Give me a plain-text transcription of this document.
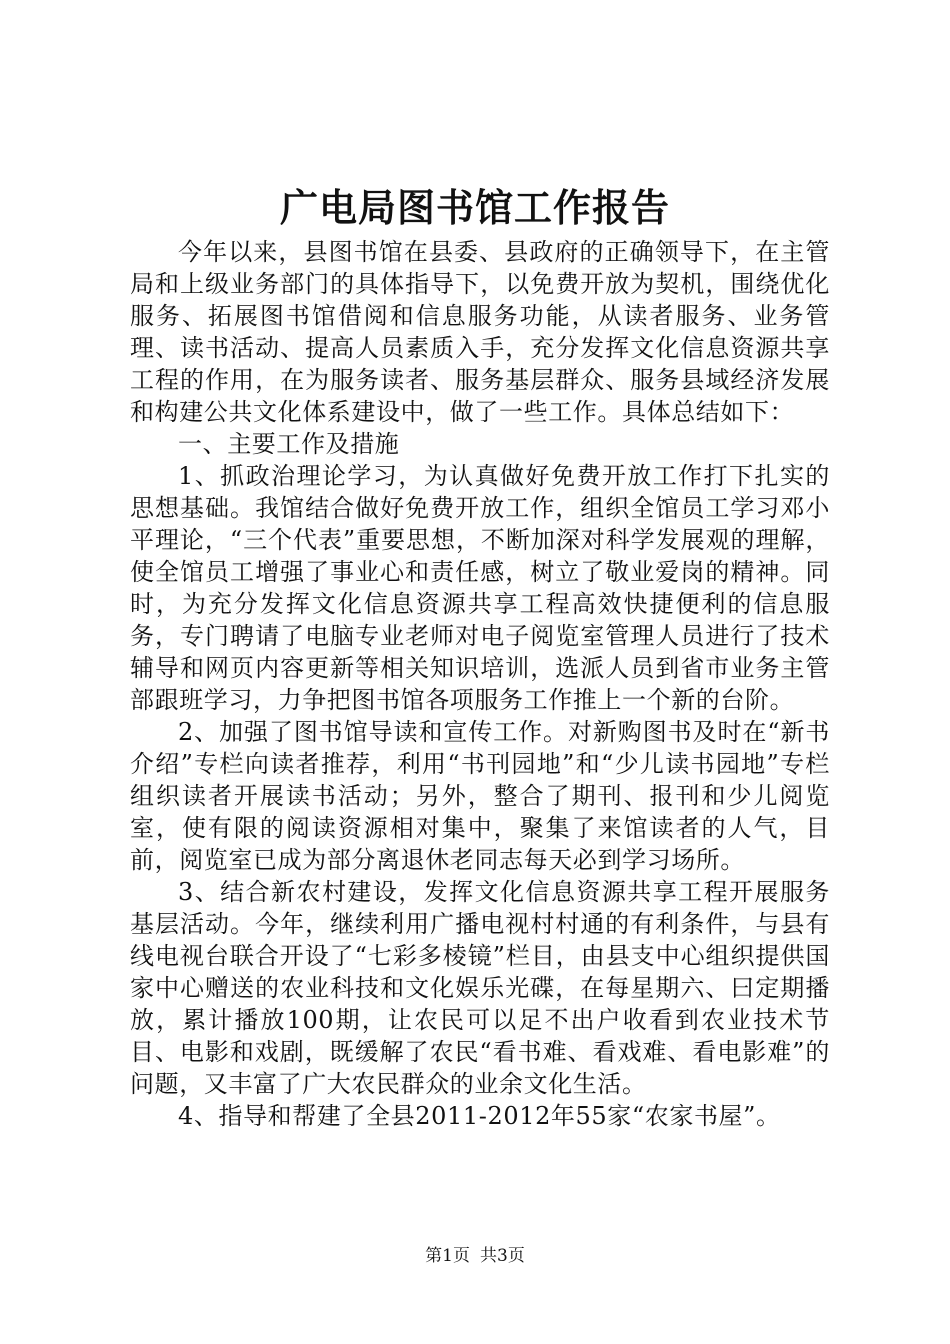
广电局图书馆工作报告

今年以来，县图书馆在县委、县政府的正确领导下，在主管局和上级业务部门的具体指导下，以免费开放为契机，围绕优化服务、拓展图书馆借阅和信息服务功能，从读者服务、业务管理、读书活动、提高人员素质入手，充分发挥文化信息资源共享工程的作用，在为服务读者、服务基层群众、服务县域经济发展和构建公共文化体系建设中，做了一些工作。具体总结如下：

一、主要工作及措施

1、抓政治理论学习，为认真做好免费开放工作打下扎实的思想基础。我馆结合做好免费开放工作，组织全馆员工学习邓小平理论，“三个代表”重要思想，不断加深对科学发展观的理解，使全馆员工增强了事业心和责任感，树立了敬业爱岗的精神。同时，为充分发挥文化信息资源共享工程高效快捷便利的信息服务，专门聘请了电脑专业老师对电子阅览室管理人员进行了技术辅导和网页内容更新等相关知识培训，选派人员到省市业务主管部跟班学习，力争把图书馆各项服务工作推上一个新的台阶。

2、加强了图书馆导读和宣传工作。对新购图书及时在“新书介绍”专栏向读者推荐，利用“书刊园地”和“少儿读书园地”专栏组织读者开展读书活动；另外，整合了期刊、报刊和少儿阅览室，使有限的阅读资源相对集中，聚集了来馆读者的人气，目前，阅览室已成为部分离退休老同志每天必到学习场所。

3、结合新农村建设，发挥文化信息资源共享工程开展服务基层活动。今年，继续利用广播电视村村通的有利条件，与县有线电视台联合开设了“七彩多棱镜”栏目，由县支中心组织提供国家中心赠送的农业科技和文化娱乐光碟，在每星期六、曰定期播放，累计播放100期，让农民可以足不出户收看到农业技术节目、电影和戏剧，既缓解了农民“看书难、看戏难、看电影难”的问题，又丰富了广大农民群众的业余文化生活。

4、指导和帮建了全县2011-2012年55家“农家书屋”。

第1页 共3页
